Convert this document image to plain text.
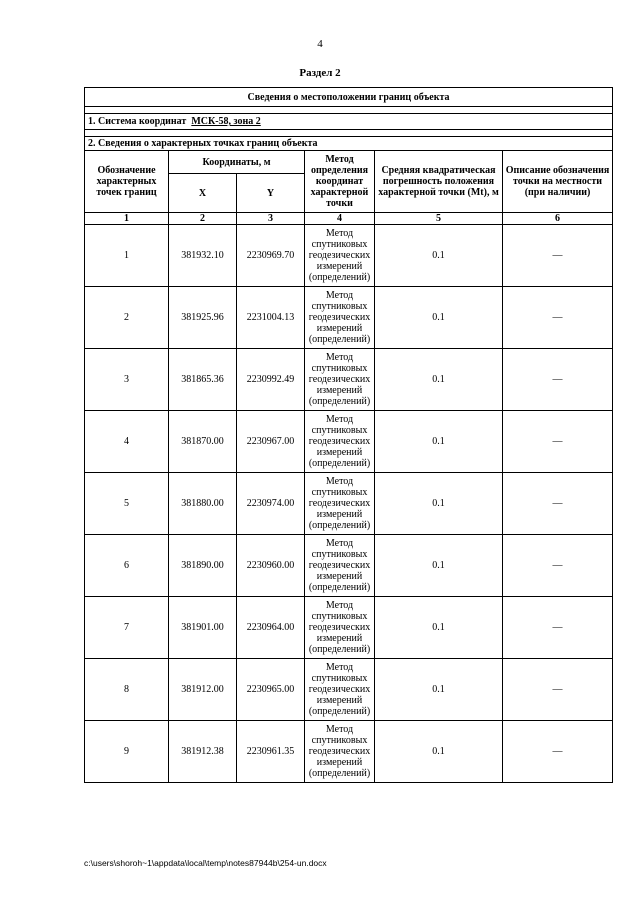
4
Раздел 2
Сведения о местоположении границ объекта					

1. Система координат МСК-58, зона 2					

2. Сведения о характерных точках границ объекта					
Обозначение характерных точек границ	Координаты, м		Метод определения координат характерной точки	Средняя квадратическая погрешность положения характерной точки (Mt), м	Описание обозначения точки на местности (при наличии)
	X	Y			
1	2	3	4	5	6
1	381932.10	2230969.70	Метод спутниковых геодезических измерений (определений)	0.1	—
2	381925.96	2231004.13	Метод спутниковых геодезических измерений (определений)	0.1	—
3	381865.36	2230992.49	Метод спутниковых геодезических измерений (определений)	0.1	—
4	381870.00	2230967.00	Метод спутниковых геодезических измерений (определений)	0.1	—
5	381880.00	2230974.00	Метод спутниковых геодезических измерений (определений)	0.1	—
6	381890.00	2230960.00	Метод спутниковых геодезических измерений (определений)	0.1	—
7	381901.00	2230964.00	Метод спутниковых геодезических измерений (определений)	0.1	—
8	381912.00	2230965.00	Метод спутниковых геодезических измерений (определений)	0.1	—
9	381912.38	2230961.35	Метод спутниковых геодезических измерений (определений)	0.1	—
c:\users\shoroh~1\appdata\local\temp\notes87944b\254-un.docx
